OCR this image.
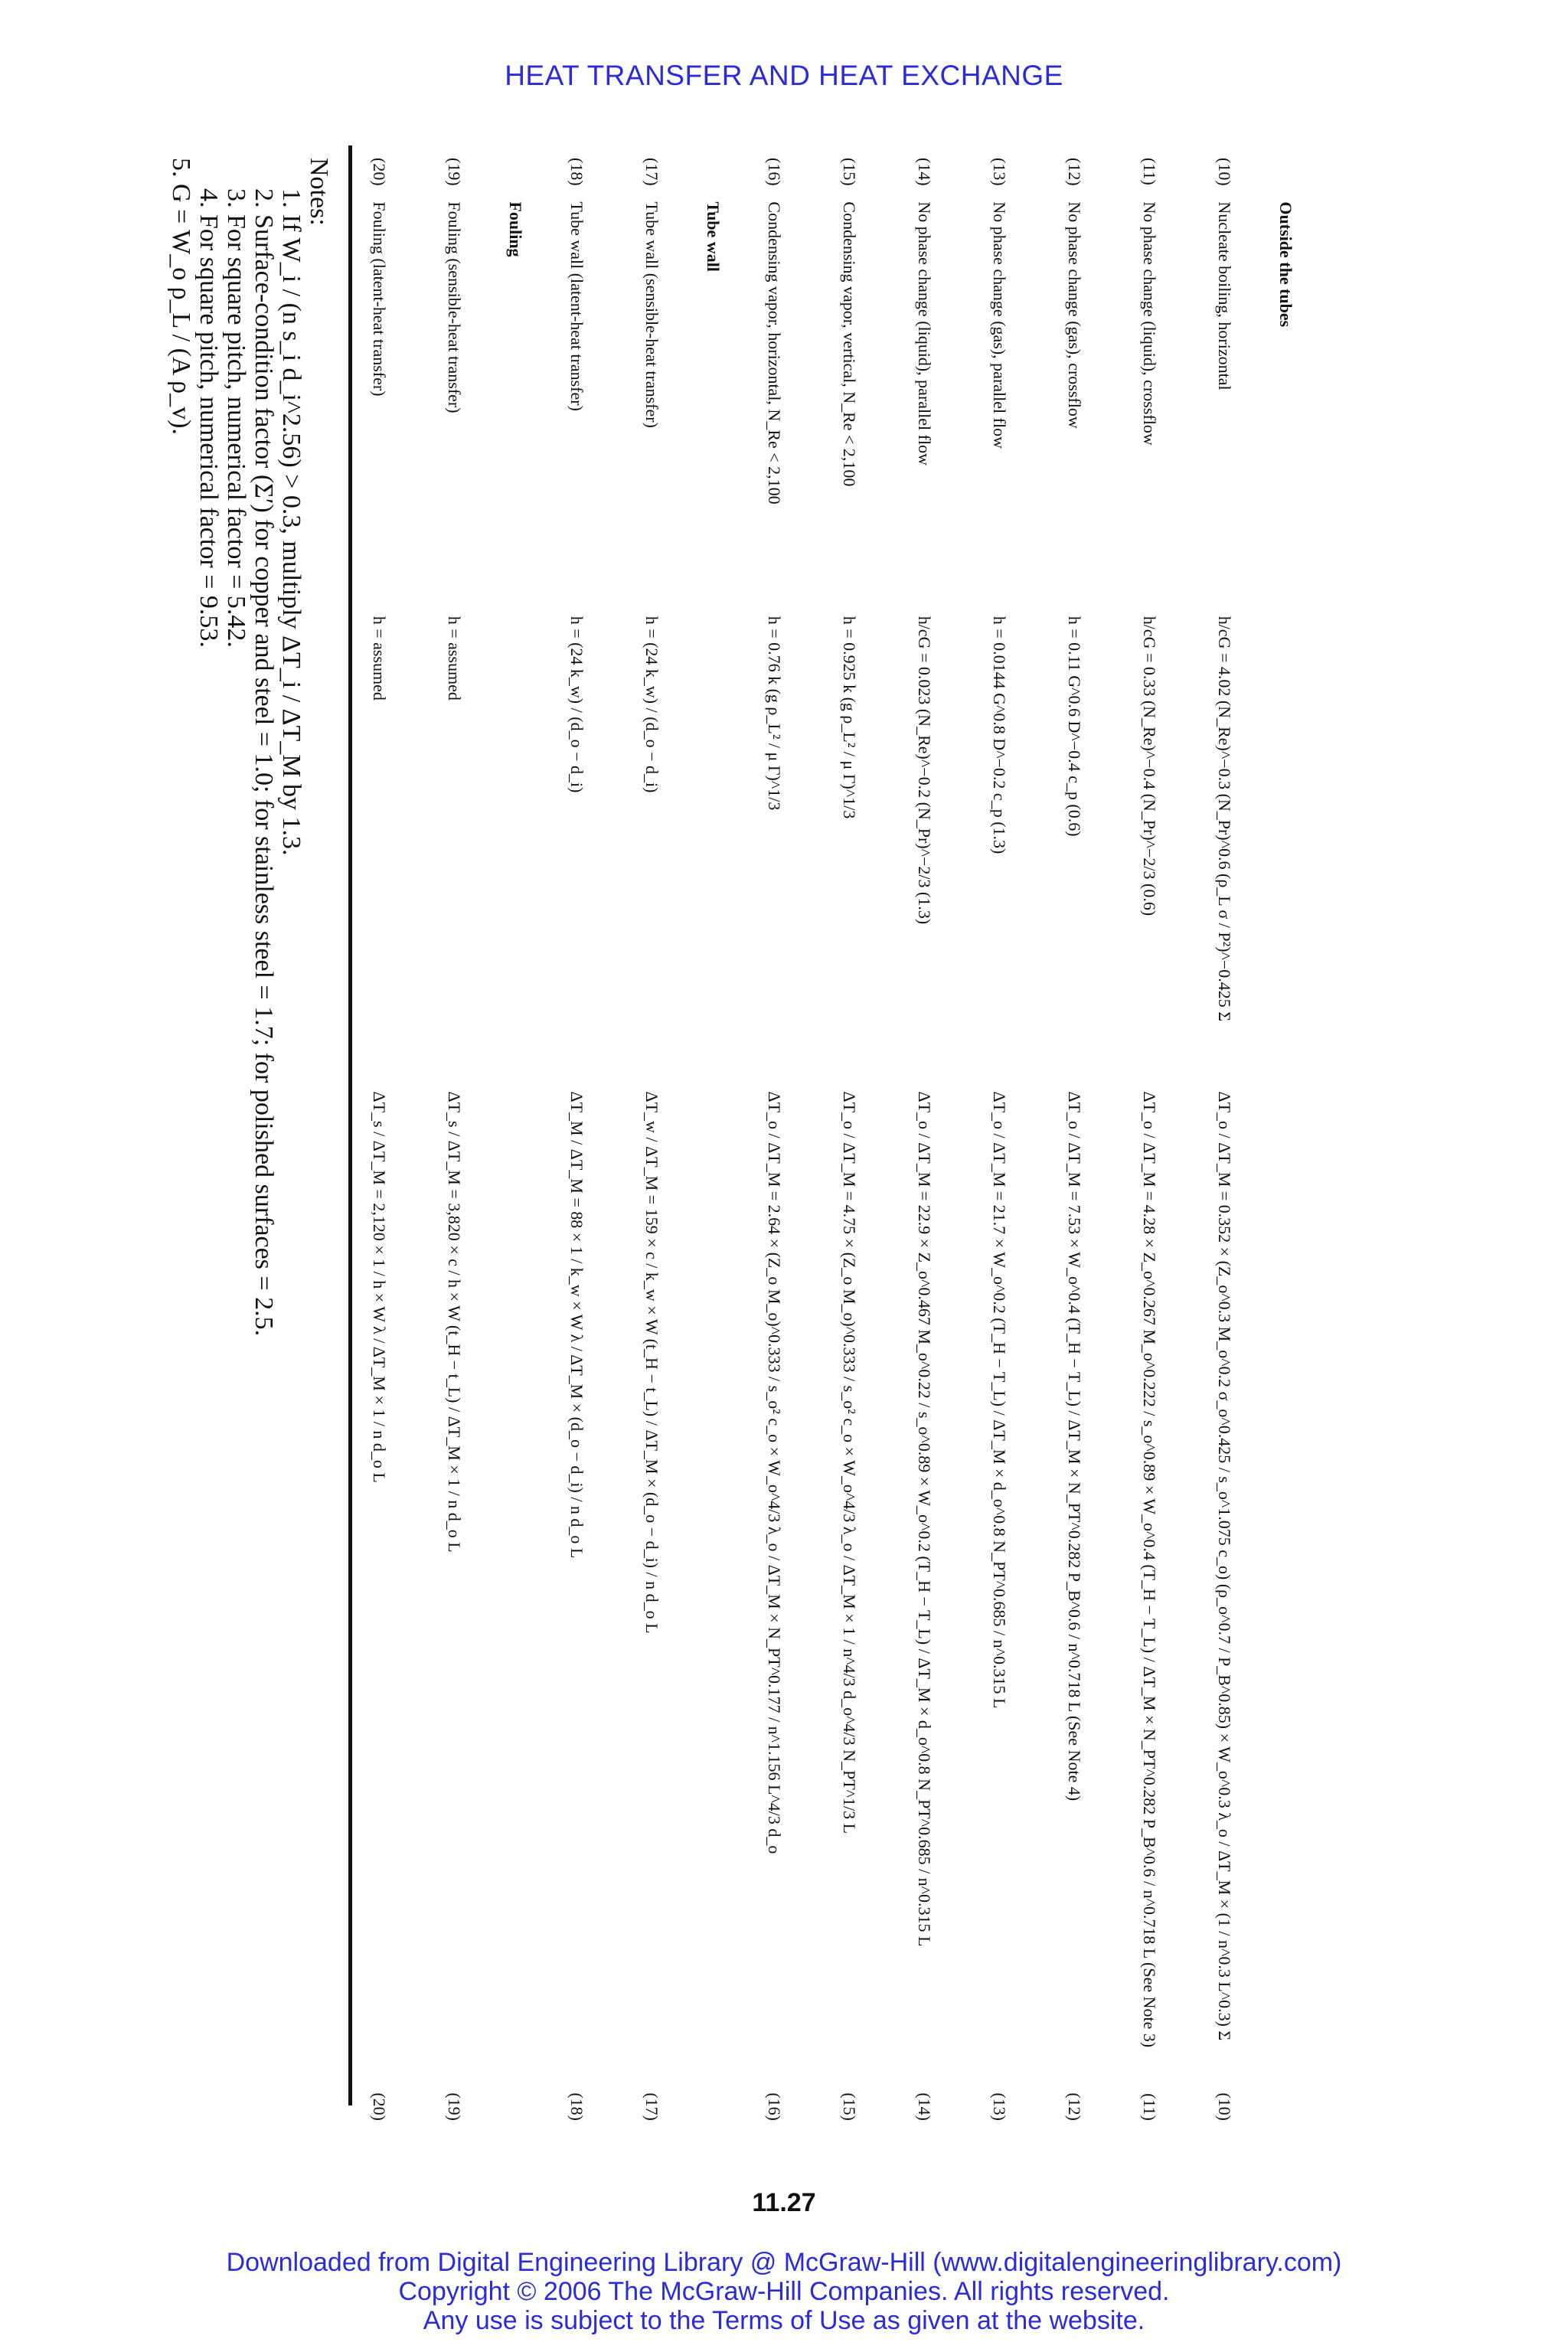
HEAT TRANSFER AND HEAT EXCHANGE
	Outside the tubes			
(10)	Nucleate boiling, horizontal	h/cG = 4.02 (N_Re)^−0.3 (N_Pr)^0.6 (ρ_L σ / P²)^−0.425 Σ	ΔT_o / ΔT_M = 0.352 × (Z_o^0.3 M_o^0.2 σ_o^0.425 / s_o^1.075 c_o) (ρ_o^0.7 / P_B^0.85) × W_o^0.3 λ_o / ΔT_M × (1 / n^0.3 L^0.3) Σ	(10)
(11)	No phase change (liquid), crossflow	h/cG = 0.33 (N_Re)^−0.4 (N_Pr)^−2/3 (0.6)	ΔT_o / ΔT_M = 4.28 × Z_o^0.267 M_o^0.222 / s_o^0.89 × W_o^0.4 (T_H − T_L) / ΔT_M × N_PT^0.282 P_B^0.6 / n^0.718 L (See Note 3)	(11)
(12)	No phase change (gas), crossflow	h = 0.11 G^0.6 D^−0.4 c_p (0.6)	ΔT_o / ΔT_M = 7.53 × W_o^0.4 (T_H − T_L) / ΔT_M × N_PT^0.282 P_B^0.6 / n^0.718 L (See Note 4)	(12)
(13)	No phase change (gas), parallel flow	h = 0.0144 G^0.8 D^−0.2 c_p (1.3)	ΔT_o / ΔT_M = 21.7 × W_o^0.2 (T_H − T_L) / ΔT_M × d_o^0.8 N_PT^0.685 / n^0.315 L	(13)
(14)	No phase change (liquid), parallel flow	h/cG = 0.023 (N_Re)^−0.2 (N_Pr)^−2/3 (1.3)	ΔT_o / ΔT_M = 22.9 × Z_o^0.467 M_o^0.22 / s_o^0.89 × W_o^0.2 (T_H − T_L) / ΔT_M × d_o^0.8 N_PT^0.685 / n^0.315 L	(14)
(15)	Condensing vapor, vertical, N_Re < 2,100	h = 0.925 k (g ρ_L² / μ Γ)^1/3	ΔT_o / ΔT_M = 4.75 × (Z_o M_o)^0.333 / s_o² c_o × W_o^4/3 λ_o / ΔT_M × 1 / n^4/3 d_o^4/3 N_PT^1/3 L	(15)
(16)	Condensing vapor, horizontal, N_Re < 2,100	h = 0.76 k (g ρ_L² / μ Γ)^1/3	ΔT_o / ΔT_M = 2.64 × (Z_o M_o)^0.333 / s_o² c_o × W_o^4/3 λ_o / ΔT_M × N_PT^0.177 / n^1.156 L^4/3 d_o	(16)
	Tube wall			
(17)	Tube wall (sensible-heat transfer)	h = (24 k_w) / (d_o − d_i)	ΔT_w / ΔT_M = 159 × c / k_w × W (t_H − t_L) / ΔT_M × (d_o − d_i) / n d_o L	(17)
(18)	Tube wall (latent-heat transfer)	h = (24 k_w) / (d_o − d_i)	ΔT_M / ΔT_M = 88 × 1 / k_w × W λ / ΔT_M × (d_o − d_i) / n d_o L	(18)
	Fouling			
(19)	Fouling (sensible-heat transfer)	h = assumed	ΔT_s / ΔT_M = 3,820 × c / h × W (t_H − t_L) / ΔT_M × 1 / n d_o L	(19)
(20)	Fouling (latent-heat transfer)	h = assumed	ΔT_s / ΔT_M = 2,120 × 1 / h × W λ / ΔT_M × 1 / n d_o L	(20)
Notes:
1. If W_i / (n s_i d_i^2.56) > 0.3, multiply ΔT_i / ΔT_M by 1.3.
2. Surface-condition factor (Σ′) for copper and steel = 1.0; for stainless steel = 1.7; for polished surfaces = 2.5.
3. For square pitch, numerical factor = 5.42.
4. For square pitch, numerical factor = 9.53.
5. G = W_o ρ_L / (A ρ_v).
11.27
Downloaded from Digital Engineering Library @ McGraw-Hill (www.digitalengineeringlibrary.com)
Copyright © 2006 The McGraw-Hill Companies. All rights reserved.
Any use is subject to the Terms of Use as given at the website.
